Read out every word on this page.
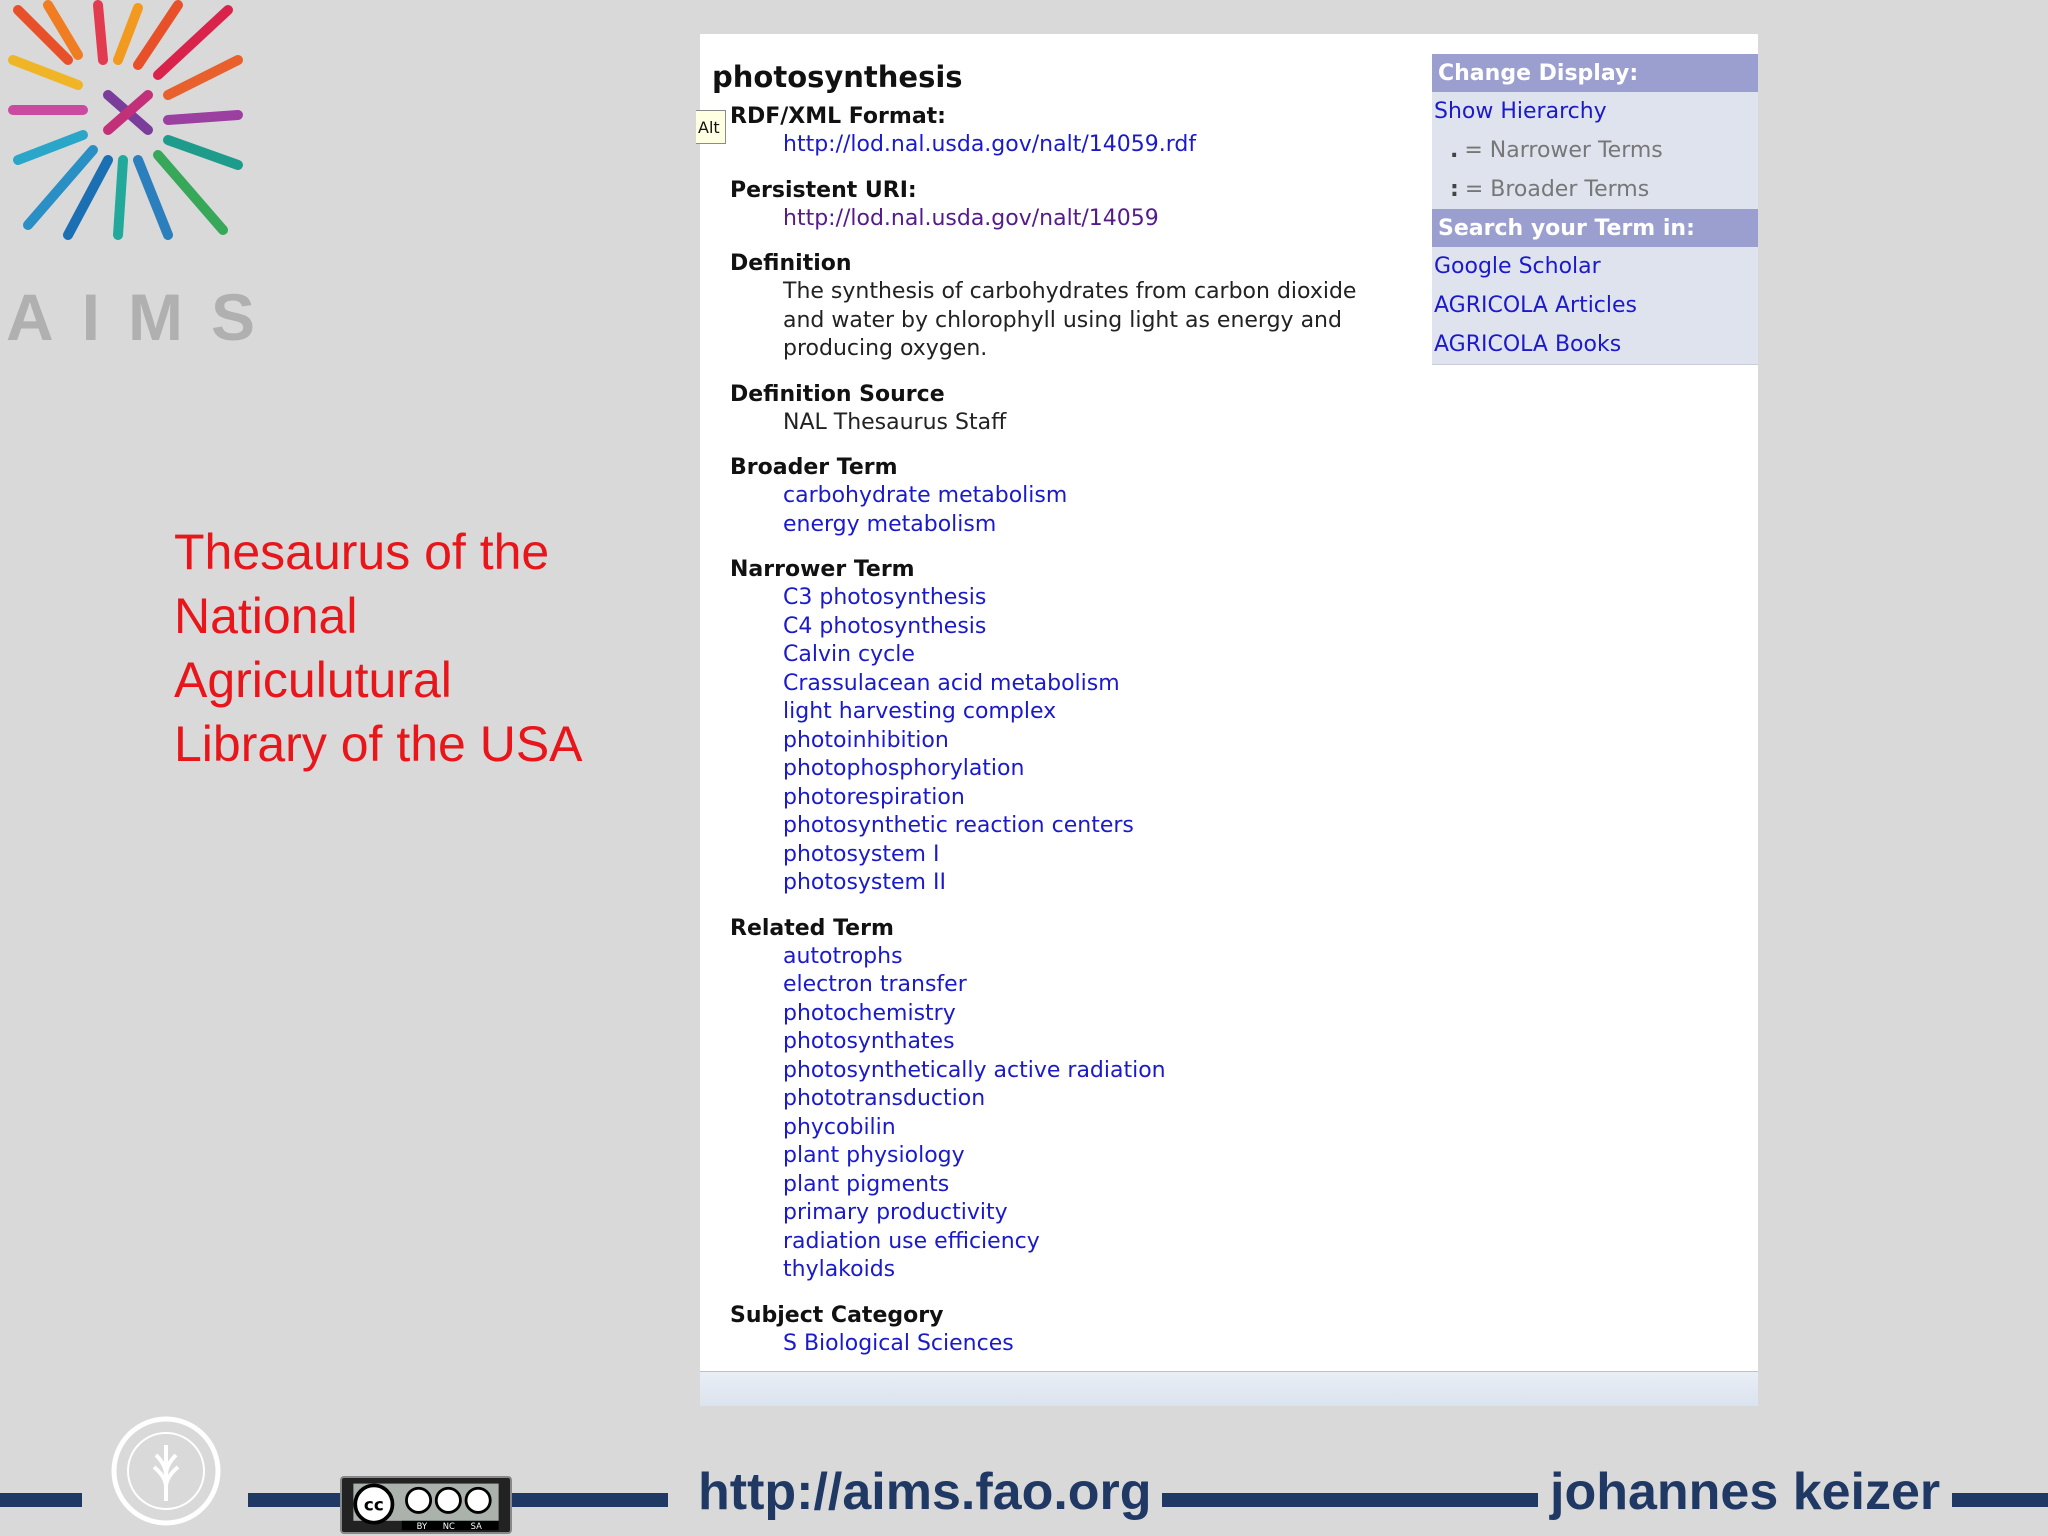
AIMS
Thesaurus of the
National
Agriculutural
Library of the USA
photosynthesis
Alt RDF/XML Format:
http://lod.nal.usda.gov/nalt/14059.rdf
Persistent URI:
http://lod.nal.usda.gov/nalt/14059
Definition
The synthesis of carbohydrates from carbon dioxide
and water by chlorophyll using light as energy and
producing oxygen.
Definition Source
NAL Thesaurus Staff
Broader Term
carbohydrate metabolism
energy metabolism
Narrower Term
C3 photosynthesis
C4 photosynthesis
Calvin cycle
Crassulacean acid metabolism
light harvesting complex
photoinhibition
photophosphorylation
photorespiration
photosynthetic reaction centers
photosystem I
photosystem II
Related Term
autotrophs
electron transfer
photochemistry
photosynthates
photosynthetically active radiation
phototransduction
phycobilin
plant physiology
plant pigments
primary productivity
radiation use efficiency
thylakoids
Subject Category
S Biological Sciences
Change Display:
Show Hierarchy
. = Narrower Terms
: = Broader Terms
Search your Term in:
Google Scholar
AGRICOLA Articles
AGRICOLA Books
cc
BY NC SA
http://aims.fao.org	johannes keizer
